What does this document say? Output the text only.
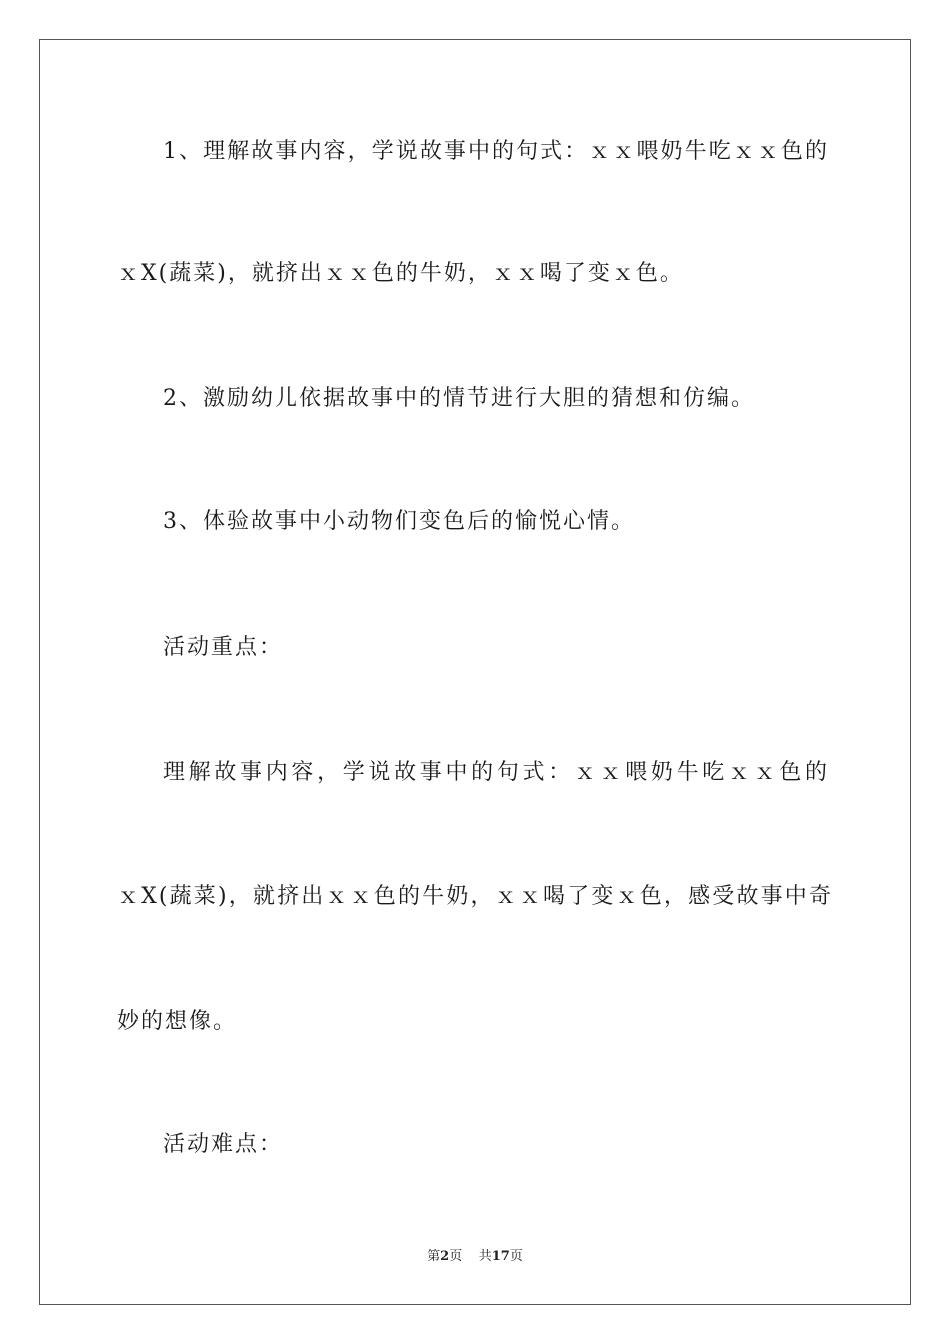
1、理解故事内容，学说故事中的句式：ｘｘ喂奶牛吃ｘｘ色的
ｘX(蔬菜)，就挤出ｘｘ色的牛奶，ｘｘ喝了变ｘ色。
2、激励幼儿依据故事中的情节进行大胆的猜想和仿编。
3、体验故事中小动物们变色后的愉悦心情。
活动重点：
理解故事内容，学说故事中的句式：ｘｘ喂奶牛吃ｘｘ色的
ｘX(蔬菜)，就挤出ｘｘ色的牛奶，ｘｘ喝了变ｘ色，感受故事中奇
妙的想像。
活动难点：
第2页 共17页
